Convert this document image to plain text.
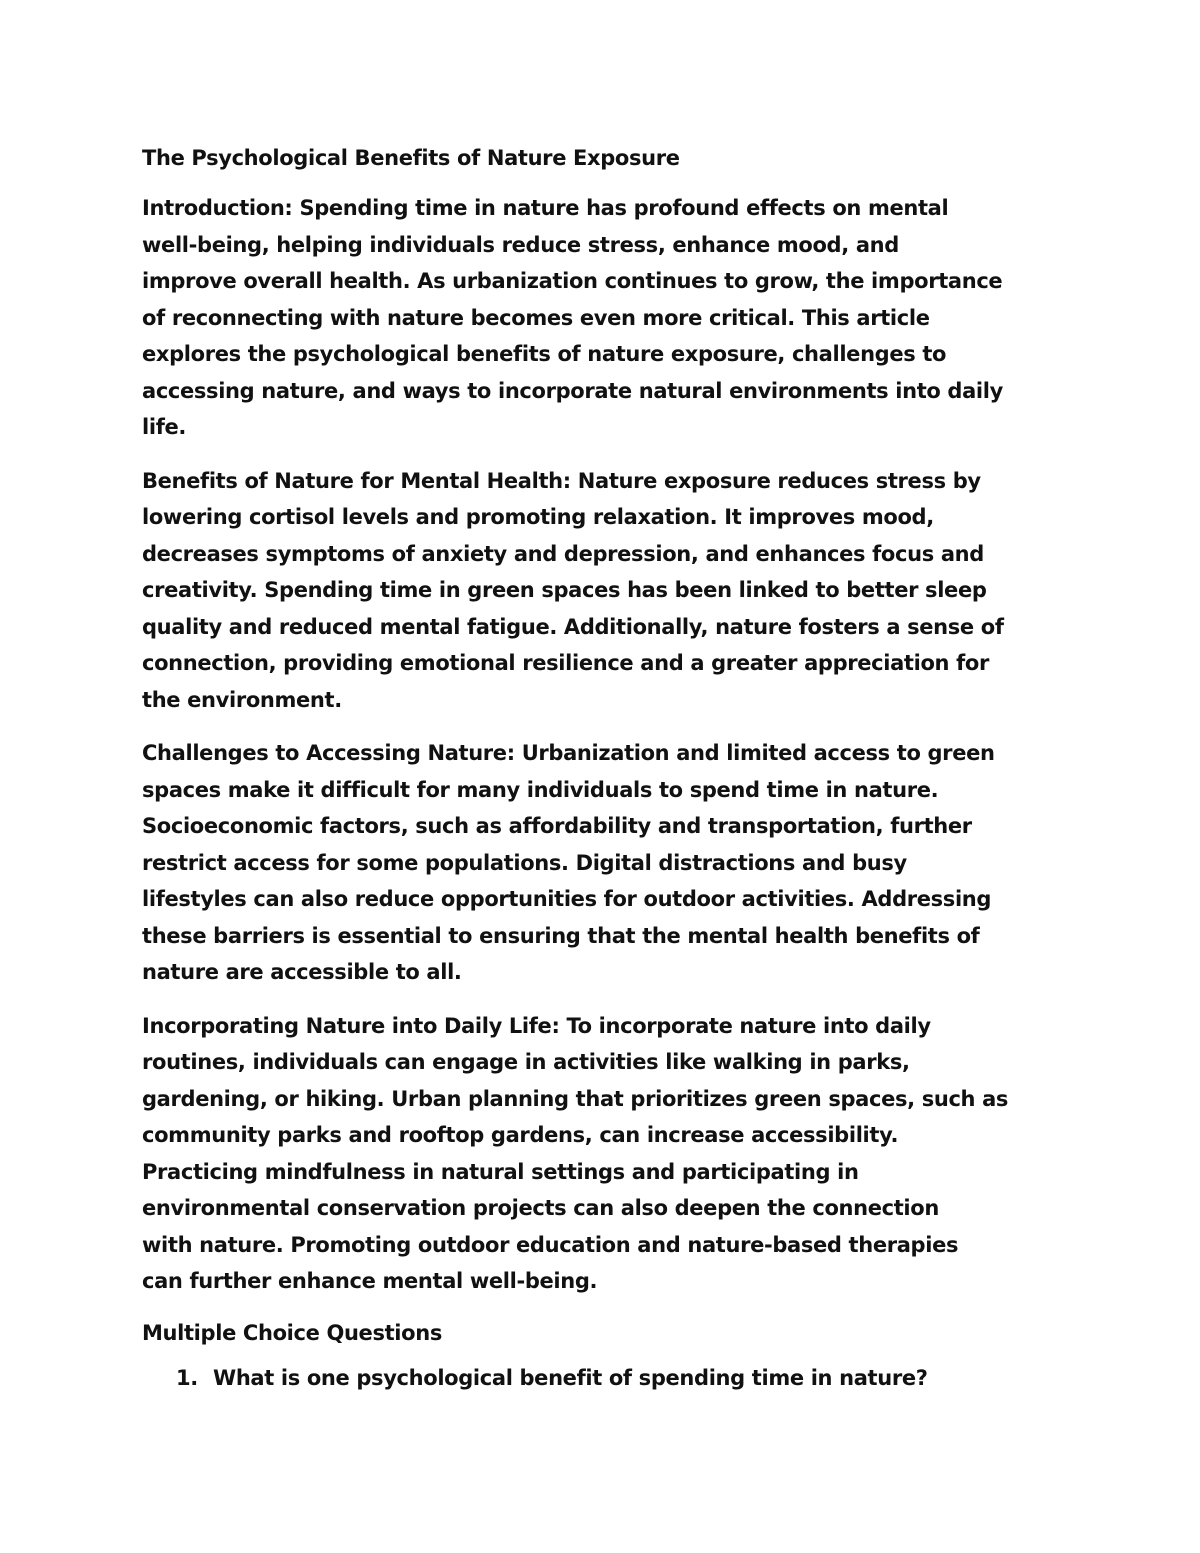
The Psychological Benefits of Nature Exposure
Introduction: Spending time in nature has profound effects on mental
well-being, helping individuals reduce stress, enhance mood, and
improve overall health. As urbanization continues to grow, the importance
of reconnecting with nature becomes even more critical. This article
explores the psychological benefits of nature exposure, challenges to
accessing nature, and ways to incorporate natural environments into daily
life.
Benefits of Nature for Mental Health: Nature exposure reduces stress by
lowering cortisol levels and promoting relaxation. It improves mood,
decreases symptoms of anxiety and depression, and enhances focus and
creativity. Spending time in green spaces has been linked to better sleep
quality and reduced mental fatigue. Additionally, nature fosters a sense of
connection, providing emotional resilience and a greater appreciation for
the environment.
Challenges to Accessing Nature: Urbanization and limited access to green
spaces make it difficult for many individuals to spend time in nature.
Socioeconomic factors, such as affordability and transportation, further
restrict access for some populations. Digital distractions and busy
lifestyles can also reduce opportunities for outdoor activities. Addressing
these barriers is essential to ensuring that the mental health benefits of
nature are accessible to all.
Incorporating Nature into Daily Life: To incorporate nature into daily
routines, individuals can engage in activities like walking in parks,
gardening, or hiking. Urban planning that prioritizes green spaces, such as
community parks and rooftop gardens, can increase accessibility.
Practicing mindfulness in natural settings and participating in
environmental conservation projects can also deepen the connection
with nature. Promoting outdoor education and nature-based therapies
can further enhance mental well-being.
Multiple Choice Questions
1. What is one psychological benefit of spending time in nature?
